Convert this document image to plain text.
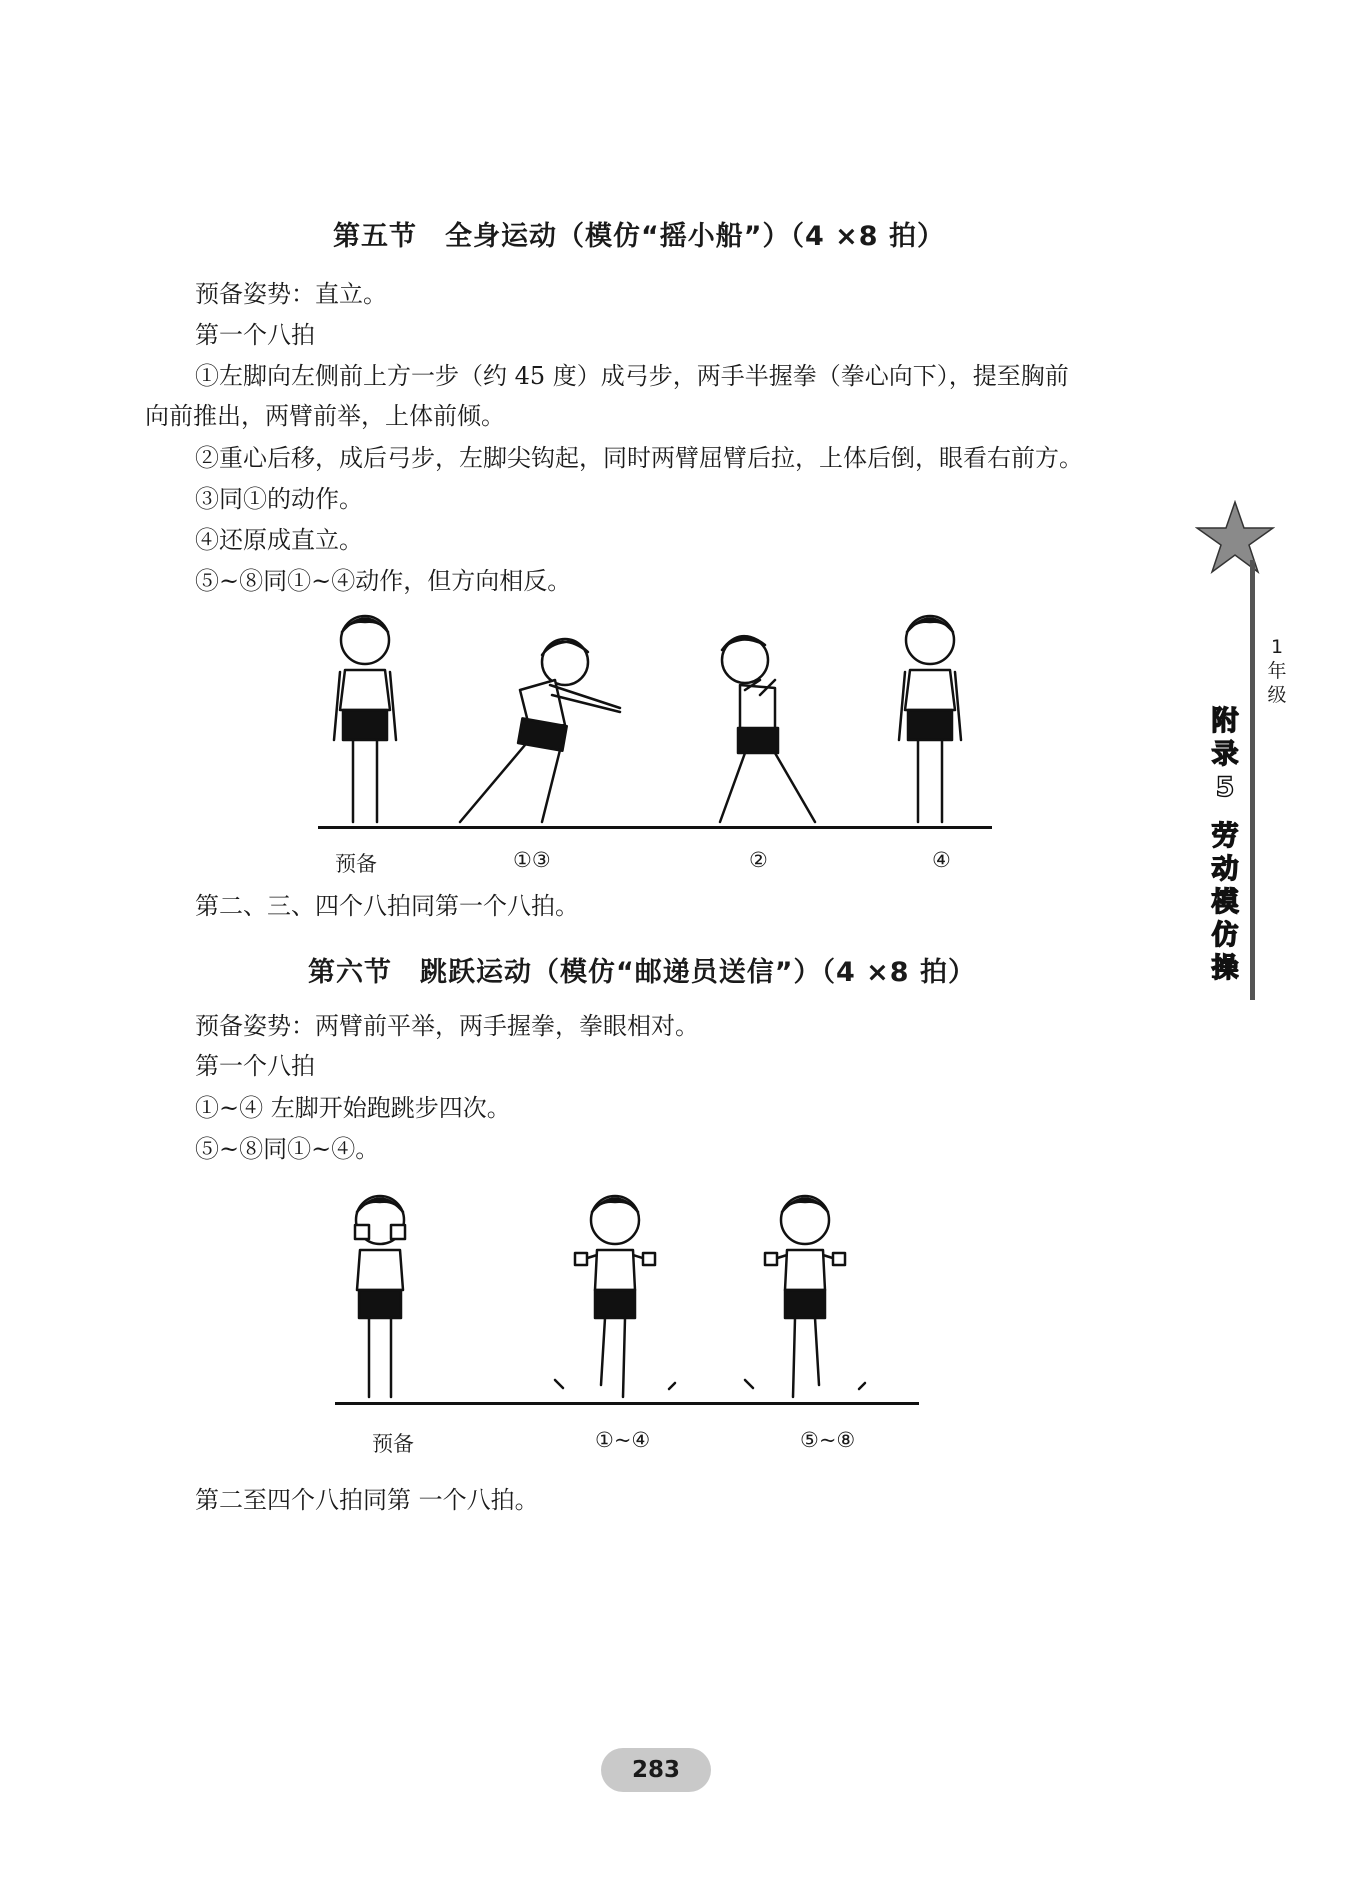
第五节　全身运动（模仿“摇小船”）（4 ×8 拍）
预备姿势：直立。
第一个八拍
①左脚向左侧前上方一步（约 45 度）成弓步，两手半握拳（拳心向下），提至胸前
向前推出，两臂前举，上体前倾。
②重心后移，成后弓步，左脚尖钩起，同时两臂屈臂后拉，上体后倒，眼看右前方。
③同①的动作。
④还原成直立。
⑤~⑧同①~④动作，但方向相反。
预备	①③	②	④
第二、三、四个八拍同第一个八拍。
第六节　跳跃运动（模仿“邮递员送信”）（4 ×8 拍）
预备姿势：两臂前平举，两手握拳，拳眼相对。
第一个八拍
①~④ 左脚开始跑跳步四次。
⑤~⑧同①~④。
预备	①~④	⑤~⑧
第二至四个八拍同第 一个八拍。
1
年
级
附
录
5
劳
动
模
仿
操
283
